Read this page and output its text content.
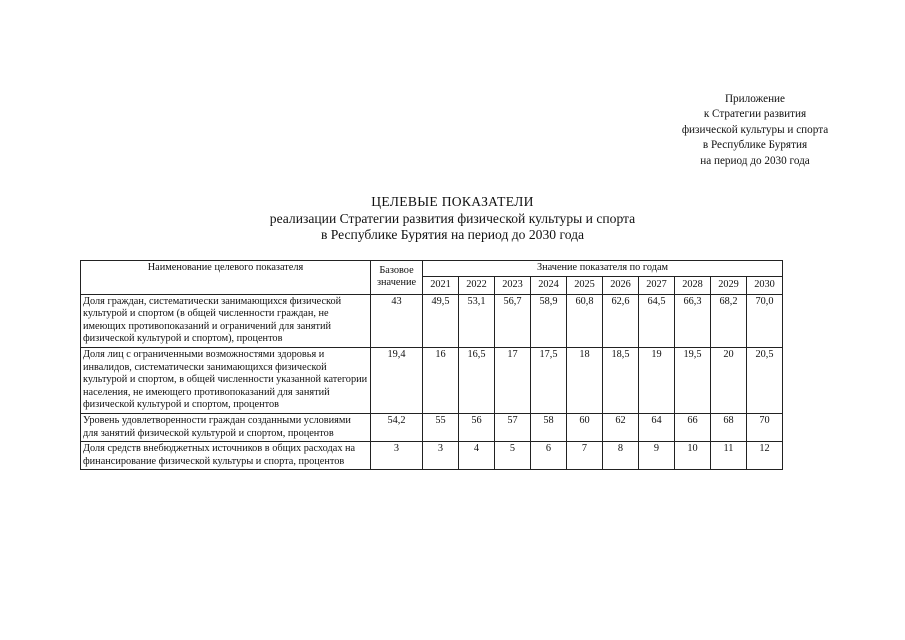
Приложение
к Стратегии развития
физической культуры и спорта
в Республике Бурятия
на период до 2030 года
ЦЕЛЕВЫЕ ПОКАЗАТЕЛИ
реализации Стратегии развития физической культуры и спорта
в Республике Бурятия на период до 2030 года
Наименование целевого показателя	Базовое значение	Значение показателя по годам									
		2021	2022	2023	2024	2025	2026	2027	2028	2029	2030
Доля граждан, систематически занимающихся физической культурой и спортом (в общей численности граждан, не имеющих противопоказаний и ограничений для занятий физической культурой и спортом), процентов	43	49,5	53,1	56,7	58,9	60,8	62,6	64,5	66,3	68,2	70,0
Доля лиц с ограниченными возможностями здоровья и инвалидов, систематически занимающихся физической культурой и спортом, в общей численности указанной категории населения, не имеющего противопоказаний для занятий физической культурой и спортом, процентов	19,4	16	16,5	17	17,5	18	18,5	19	19,5	20	20,5
Уровень удовлетворенности граждан созданными условиями для занятий физической культурой и спортом, процентов	54,2	55	56	57	58	60	62	64	66	68	70
Доля средств внебюджетных источников в общих расходах на финансирование физической культуры и спорта, процентов	3	3	4	5	6	7	8	9	10	11	12
